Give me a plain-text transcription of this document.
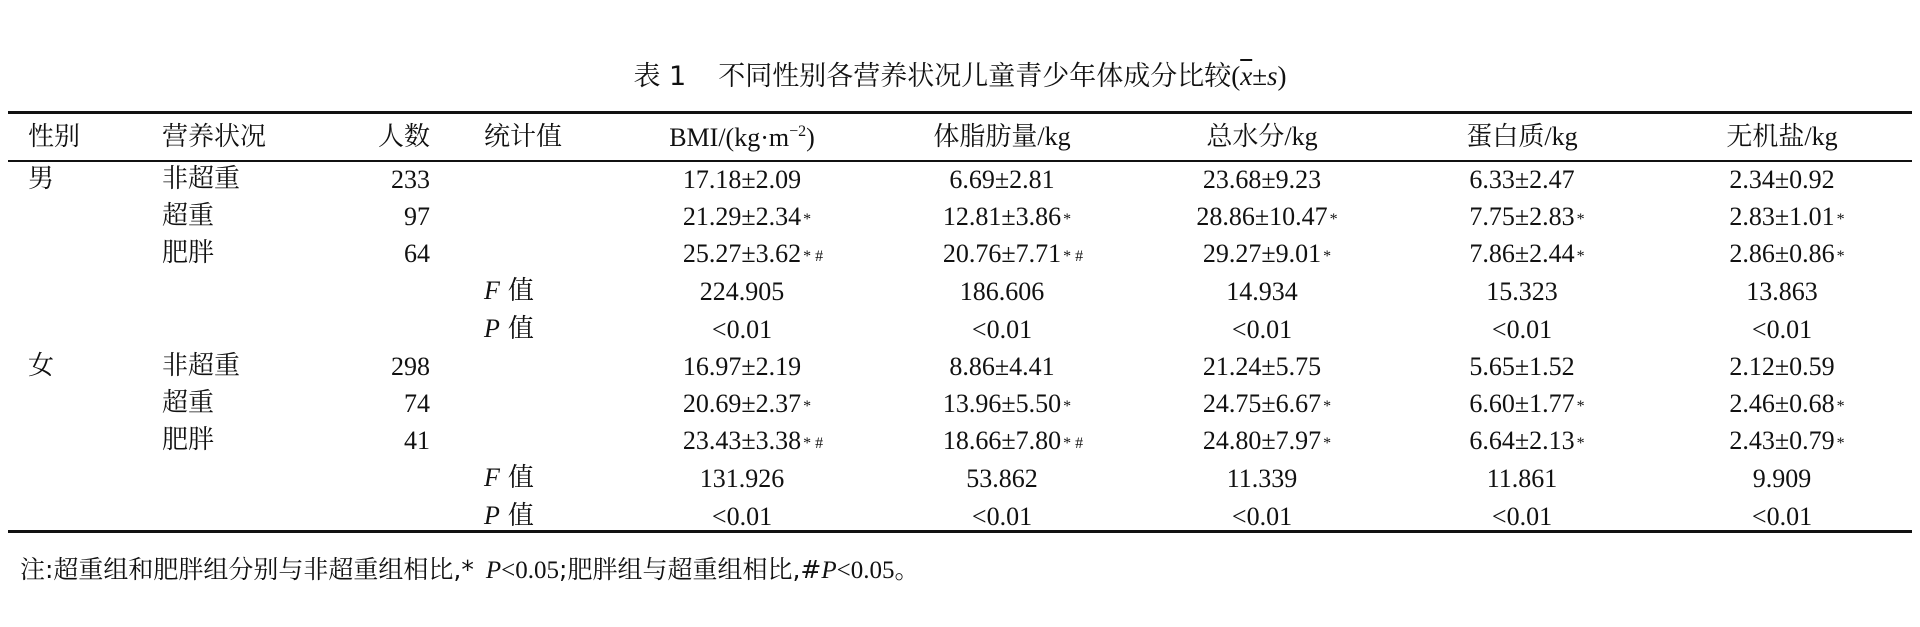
表 1 不同性别各营养状况儿童青少年体成分比较$(\overline{x}\pm s)$
性别	营养状况	人数	统计值	BMI/$(kg\cdot m^{-2})$	体脂肪量/kg	总水分/kg	蛋白质/kg	无机盐/kg
男	非超重	233		17.18±2.09	6.69±2.81	23.68±9.23	6.33±2.47	2.34±0.92

	超重	97		21.29±2.34 *	12.81±3.86 *	28.86±10.47 *	7.75±2.83 *	2.83±1.01 *

	肥胖	64		25.27±3.62 * #	20.76±7.71 * #	29.27±9.01 *	7.86±2.44 *	2.86±0.86 *

			F 值	224.905	186.606	14.934	15.323	13.863
			P 值	<0.01	<0.01	<0.01	<0.01	<0.01
女	非超重	298		16.97±2.19	8.86±4.41	21.24±5.75	5.65±1.52	2.12±0.59

	超重	74		20.69±2.37 *	13.96±5.50 *	24.75±6.67 *	6.60±1.77 *	2.46±0.68 *

	肥胖	41		23.43±3.38 * #	18.66±7.80 * #	24.80±7.97 *	6.64±2.13 *	2.43±0.79 *

			F 值	131.926	53.862	11.339	11.861	9.909
			P 值	<0.01	<0.01	<0.01	<0.01	<0.01
注:超重组和肥胖组分别与非超重组相比,* P<0.05;肥胖组与超重组相比,#P<0.05。
